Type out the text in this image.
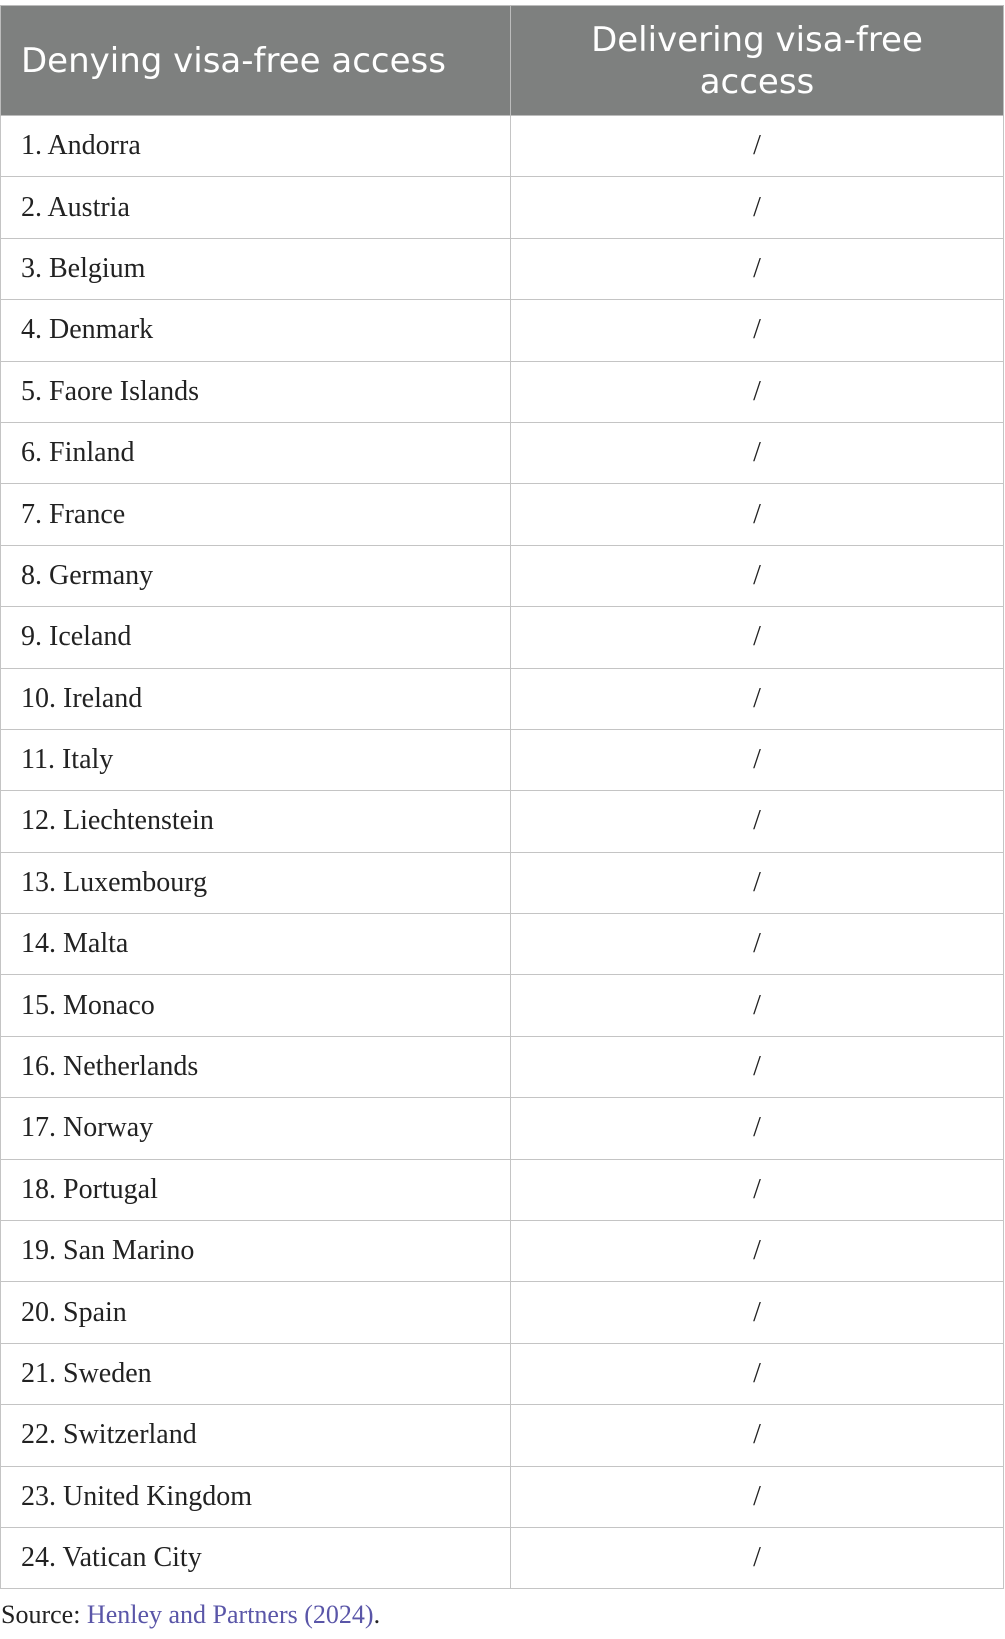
Denying visa-free access	Delivering visa-free access
1. Andorra	/
2. Austria	/
3. Belgium	/
4. Denmark	/
5. Faore Islands	/
6. Finland	/
7. France	/
8. Germany	/
9. Iceland	/
10. Ireland	/
11. Italy	/
12. Liechtenstein	/
13. Luxembourg	/
14. Malta	/
15. Monaco	/
16. Netherlands	/
17. Norway	/
18. Portugal	/
19. San Marino	/
20. Spain	/
21. Sweden	/
22. Switzerland	/
23. United Kingdom	/
24. Vatican City	/
Source: Henley and Partners (2024).
